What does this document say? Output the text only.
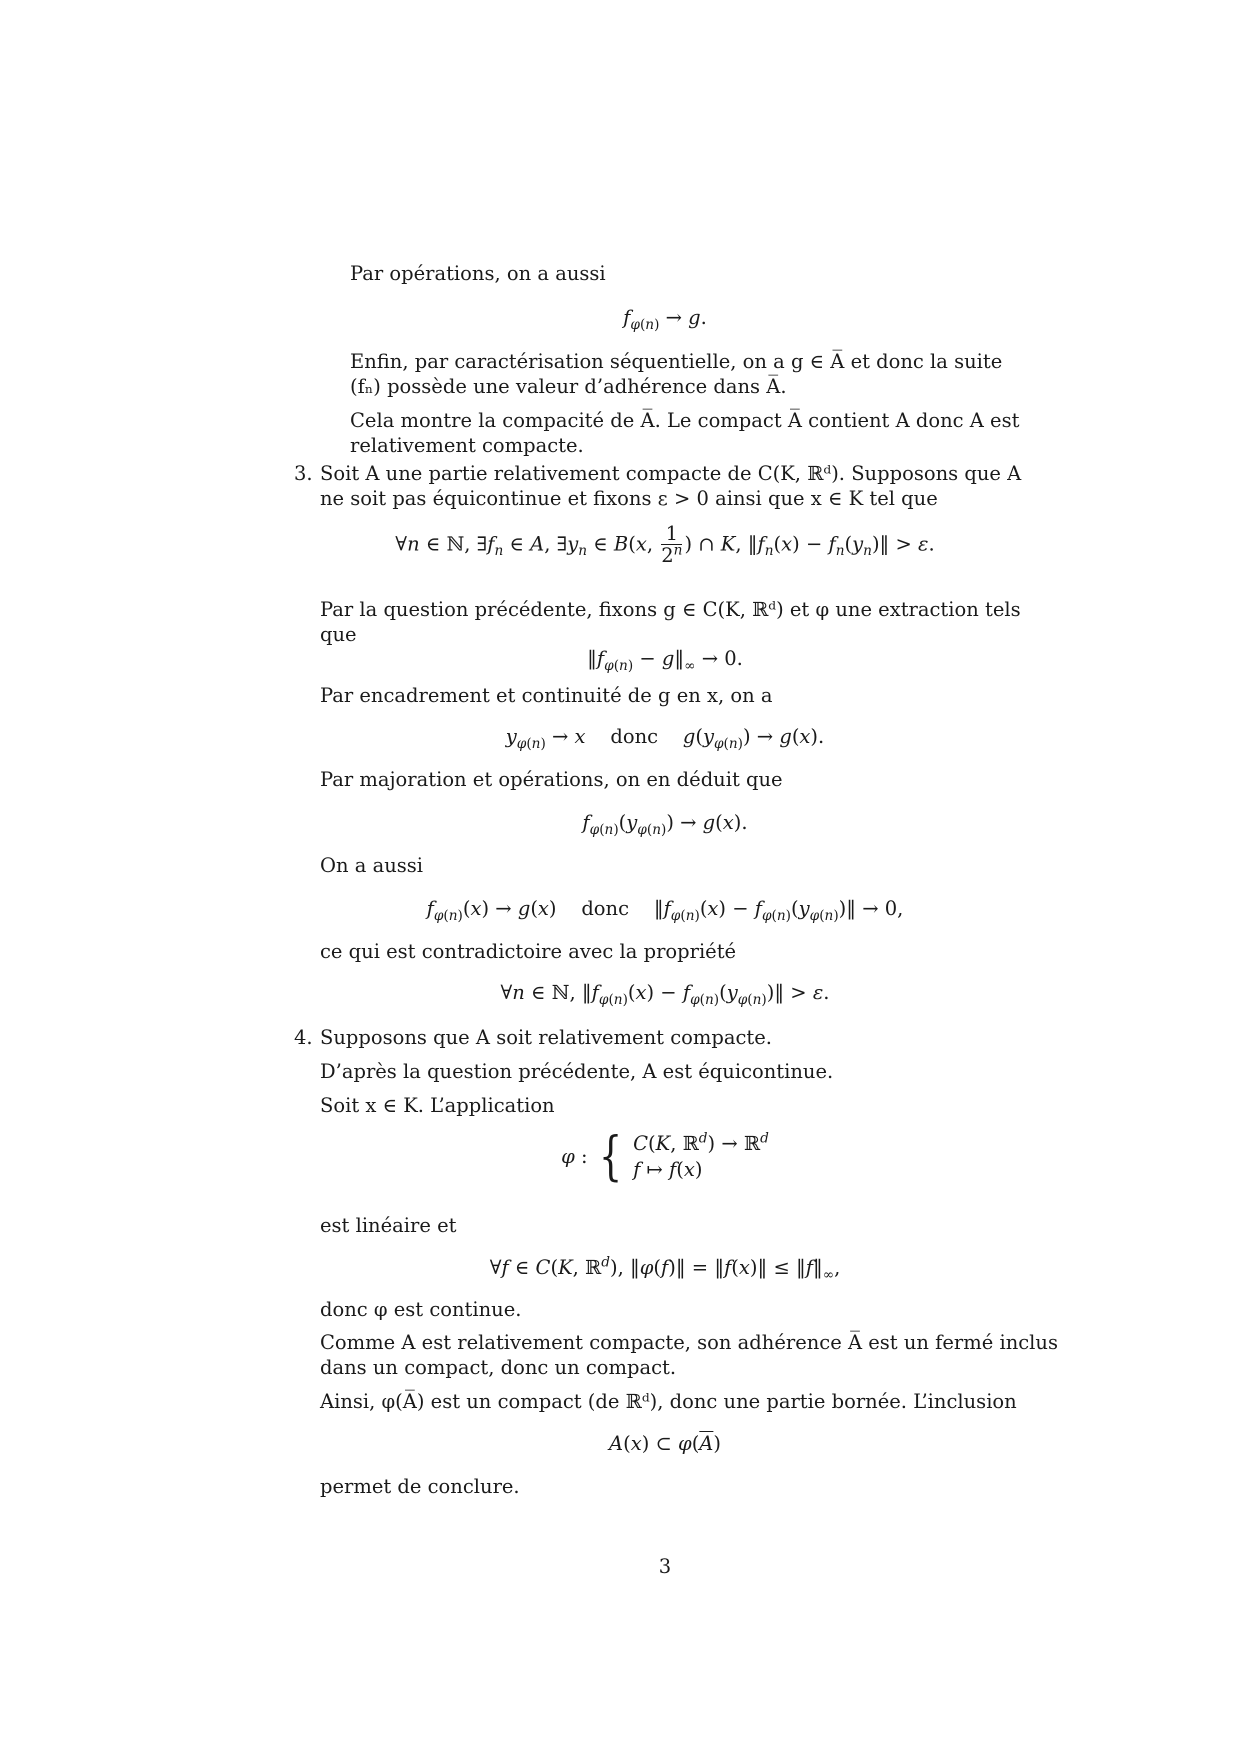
Par opérations, on a aussi

$f_{\varphi(n)} \to g$.

Enfin, par caractérisation séquentielle, on a g ∈ A̅ et donc la suite

(fₙ) possède une valeur d’adhérence dans A̅.

Cela montre la compacité de A̅. Le compact A̅ contient A donc A est

relativement compacte.

3. Soit A une partie relativement compacte de C(K, ℝᵈ). Supposons que A

ne soit pas équicontinue et fixons ε > 0 ainsi que x ∈ K tel que

∀n ∈ ℕ, $\exists f_n$ ∈ A, $\exists y_n$ ∈ B(x, $\frac{1}{2^n}$ ) ∩ K, $‖f_n(x)$ − $f_n(y_n)‖ > \varepsilon$.

Par la question précédente, fixons g ∈ C(K, ℝᵈ) et φ une extraction tels

que

$‖f_{\varphi(n)}$ − $g‖_\infty \to 0$.

Par encadrement et continuité de g en x, on a

$y_{\varphi(n)} \to x$ donc $g(y_{\varphi(n)}) \to g(x)$.

Par majoration et opérations, on en déduit que

$f_{\varphi(n)}(y_{\varphi(n)}) \to g(x)$.

On a aussi

$f_{\varphi(n)}(x) \to g(x)$    donc    $‖f_{\varphi(n)}(x)$ − $f_{\varphi(n)}(y_{\varphi(n)})‖ \to 0$,

ce qui est contradictoire avec la propriété

∀n ∈ ℕ, $‖f_{\varphi(n)}(x)$ − $f_{\varphi(n)}(y_{\varphi(n)})‖ > \varepsilon$.

4. Supposons que A soit relativement compacte.

D’après la question précédente, A est équicontinue.

Soit x ∈ K. L’application

φ : { C(K, ℝ$^d$) → ℝ$^d$
f ↦ f(x)

est linéaire et

∀f ∈ C(K, ℝ$^d$), ‖φ(f)‖ = ‖f(x)‖ ≤ $‖f‖_\infty$,

donc φ est continue.

Comme A est relativement compacte, son adhérence A̅ est un fermé inclus

dans un compact, donc un compact.

Ainsi, φ(A̅) est un compact (de ℝᵈ), donc une partie bornée. L’inclusion

A(x) ⊂ $\varphi(\overline{A})$

permet de conclure.

3
